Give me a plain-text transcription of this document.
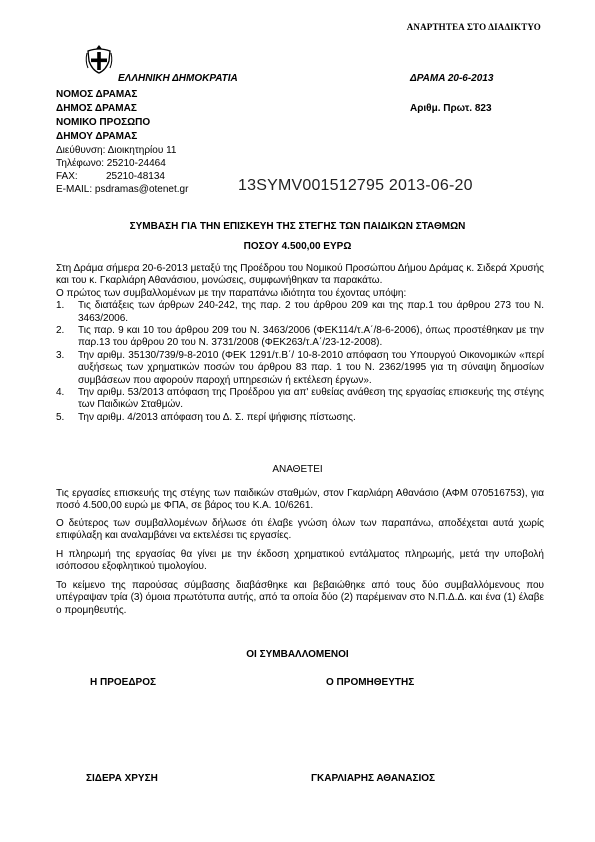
ΑΝΑΡΤΗΤΕΑ ΣΤΟ ΔΙΑΔΙΚΤΥΟ
ΕΛΛΗΝΙΚΗ ΔΗΜΟΚΡΑΤΙΑ	ΔΡΑΜΑ 20-6-2013
ΝΟΜΟΣ ΔΡΑΜΑΣ
ΔΗΜΟΣ ΔΡΑΜΑΣ
ΝΟΜΙΚΟ ΠΡΟΣΩΠΟ
ΔΗΜΟΥ ΔΡΑΜΑΣ
Αριθμ. Πρωτ. 823
Διεύθυνση: Διοικητηρίου 11
Τηλέφωνο: 25210-24464
FAX:	25210-48134
E-MAIL: psdramas@otenet.gr	13SYMV001512795 2013-06-20
ΣΥΜΒΑΣΗ ΓΙΑ ΤΗΝ ΕΠΙΣΚΕΥΗ ΤΗΣ ΣΤΕΓΗΣ ΤΩΝ ΠΑΙΔΙΚΩΝ ΣΤΑΘΜΩΝ
ΠΟΣΟΥ 4.500,00 ΕΥΡΩ
Στη Δράμα σήμερα 20-6-2013 μεταξύ της Προέδρου του Νομικού Προσώπου Δήμου Δράμας κ. Σιδερά Χρυσής και του κ. Γκαρλιάρη Αθανάσιου, μονώσεις, συμφωνήθηκαν τα παρακάτω.
Ο πρώτος των συμβαλλομένων με την παραπάνω ιδιότητα του έχοντας υπόψη:
1.	Τις διατάξεις των άρθρων 240-242, της παρ. 2 του άρθρου 209 και της παρ.1 του άρθρου 273 του Ν. 3463/2006.
2.	Τις παρ. 9 και 10 του άρθρου 209 του Ν. 3463/2006 (ΦΕΚ114/τ.Α΄/8-6-2006), όπως προστέθηκαν με την παρ.13 του άρθρου 20 του Ν. 3731/2008 (ΦΕΚ263/τ.Α΄/23-12-2008).
3.	Την αριθμ. 35130/739/9-8-2010 (ΦΕΚ 1291/τ.Β΄/ 10-8-2010 απόφαση του Υπουργού Οικονομικών «περί αυξήσεως των χρηματικών ποσών του άρθρου 83 παρ. 1 του Ν. 2362/1995 για τη σύναψη δημοσίων συμβάσεων που αφορούν παροχή υπηρεσιών ή εκτέλεση έργων».
4.	Την αριθμ. 53/2013 απόφαση της Προέδρου για απ' ευθείας ανάθεση της εργασίας επισκευής της στέγης των Παιδικών Σταθμών.
5.	Την αριθμ. 4/2013 απόφαση του Δ. Σ. περί ψήφισης πίστωσης.
ΑΝΑΘΕΤΕΙ
Τις εργασίες επισκευής της στέγης των παιδικών σταθμών, στον Γκαρλιάρη Αθανάσιο (ΑΦΜ 070516753), για ποσό 4.500,00 ευρώ με ΦΠΑ, σε βάρος του Κ.Α. 10/6261.
Ο δεύτερος των συμβαλλομένων δήλωσε ότι έλαβε γνώση όλων των παραπάνω, αποδέχεται αυτά χωρίς επιφύλαξη και αναλαμβάνει να εκτελέσει τις εργασίες.
Η πληρωμή της εργασίας θα γίνει με την έκδοση χρηματικού εντάλματος πληρωμής, μετά την υποβολή ισόποσου εξοφλητικού τιμολογίου.
Το κείμενο της παρούσας σύμβασης διαβάσθηκε και βεβαιώθηκε από τους δύο συμβαλλόμενους που υπέγραψαν τρία (3) όμοια πρωτότυπα αυτής, από τα οποία δύο (2) παρέμειναν στο Ν.Π.Δ.Δ. και ένα (1) έλαβε ο προμηθευτής.
ΟΙ ΣΥΜΒΑΛΛΟΜΕΝΟΙ
Η ΠΡΟΕΔΡΟΣ	Ο ΠΡΟΜΗΘΕΥΤΗΣ
ΣΙΔΕΡΑ ΧΡΥΣΗ	ΓΚΑΡΛΙΑΡΗΣ ΑΘΑΝΑΣΙΟΣ
